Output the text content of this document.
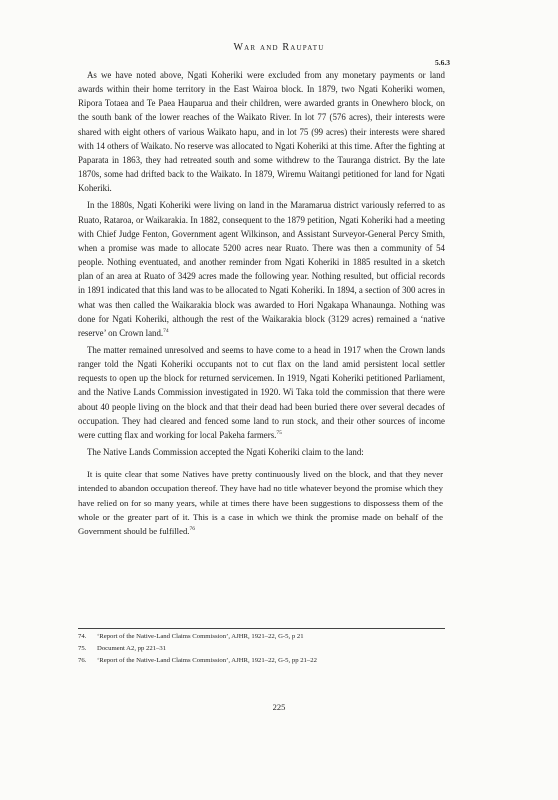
War and Raupatu
5.6.3

As we have noted above, Ngati Koheriki were excluded from any monetary payments or land awards within their home territory in the East Wairoa block. In 1879, two Ngati Koheriki women, Ripora Totaea and Te Paea Hauparua and their children, were awarded grants in Onewhero block, on the south bank of the lower reaches of the Waikato River. In lot 77 (576 acres), their interests were shared with eight others of various Waikato hapu, and in lot 75 (99 acres) their interests were shared with 14 others of Waikato. No reserve was allocated to Ngati Koheriki at this time. After the fighting at Paparata in 1863, they had retreated south and some withdrew to the Tauranga district. By the late 1870s, some had drifted back to the Waikato. In 1879, Wiremu Waitangi petitioned for land for Ngati Koheriki.

In the 1880s, Ngati Koheriki were living on land in the Maramarua district variously referred to as Ruato, Rataroa, or Waikarakia. In 1882, consequent to the 1879 petition, Ngati Koheriki had a meeting with Chief Judge Fenton, Government agent Wilkinson, and Assistant Surveyor-General Percy Smith, when a promise was made to allocate 5200 acres near Ruato. There was then a community of 54 people. Nothing eventuated, and another reminder from Ngati Koheriki in 1885 resulted in a sketch plan of an area at Ruato of 3429 acres made the following year. Nothing resulted, but official records in 1891 indicated that this land was to be allocated to Ngati Koheriki. In 1894, a section of 300 acres in what was then called the Waikarakia block was awarded to Hori Ngakapa Whanaunga. Nothing was done for Ngati Koheriki, although the rest of the Waikarakia block (3129 acres) remained a ‘native reserve’ on Crown land.$^{74}$

The matter remained unresolved and seems to have come to a head in 1917 when the Crown lands ranger told the Ngati Koheriki occupants not to cut flax on the land amid persistent local settler requests to open up the block for returned servicemen. In 1919, Ngati Koheriki petitioned Parliament, and the Native Lands Commission investigated in 1920. Wi Taka told the commission that there were about 40 people living on the block and that their dead had been buried there over several decades of occupation. They had cleared and fenced some land to run stock, and their other sources of income were cutting flax and working for local Pakeha farmers.$^{75}$

The Native Lands Commission accepted the Ngati Koheriki claim to the land:

It is quite clear that some Natives have pretty continuously lived on the block, and that they never intended to abandon occupation thereof. They have had no title whatever beyond the promise which they have relied on for so many years, while at times there have been suggestions to dispossess them of the whole or the greater part of it. This is a case in which we think the promise made on behalf of the Government should be fulfilled.$^{76}$

74. ‘Report of the Native-Land Claims Commission’, AJHR, 1921–22, G-5, p 21
75. Document A2, pp 221–31
76. ‘Report of the Native-Land Claims Commission’, AJHR, 1921–22, G-5, pp 21–22
225
